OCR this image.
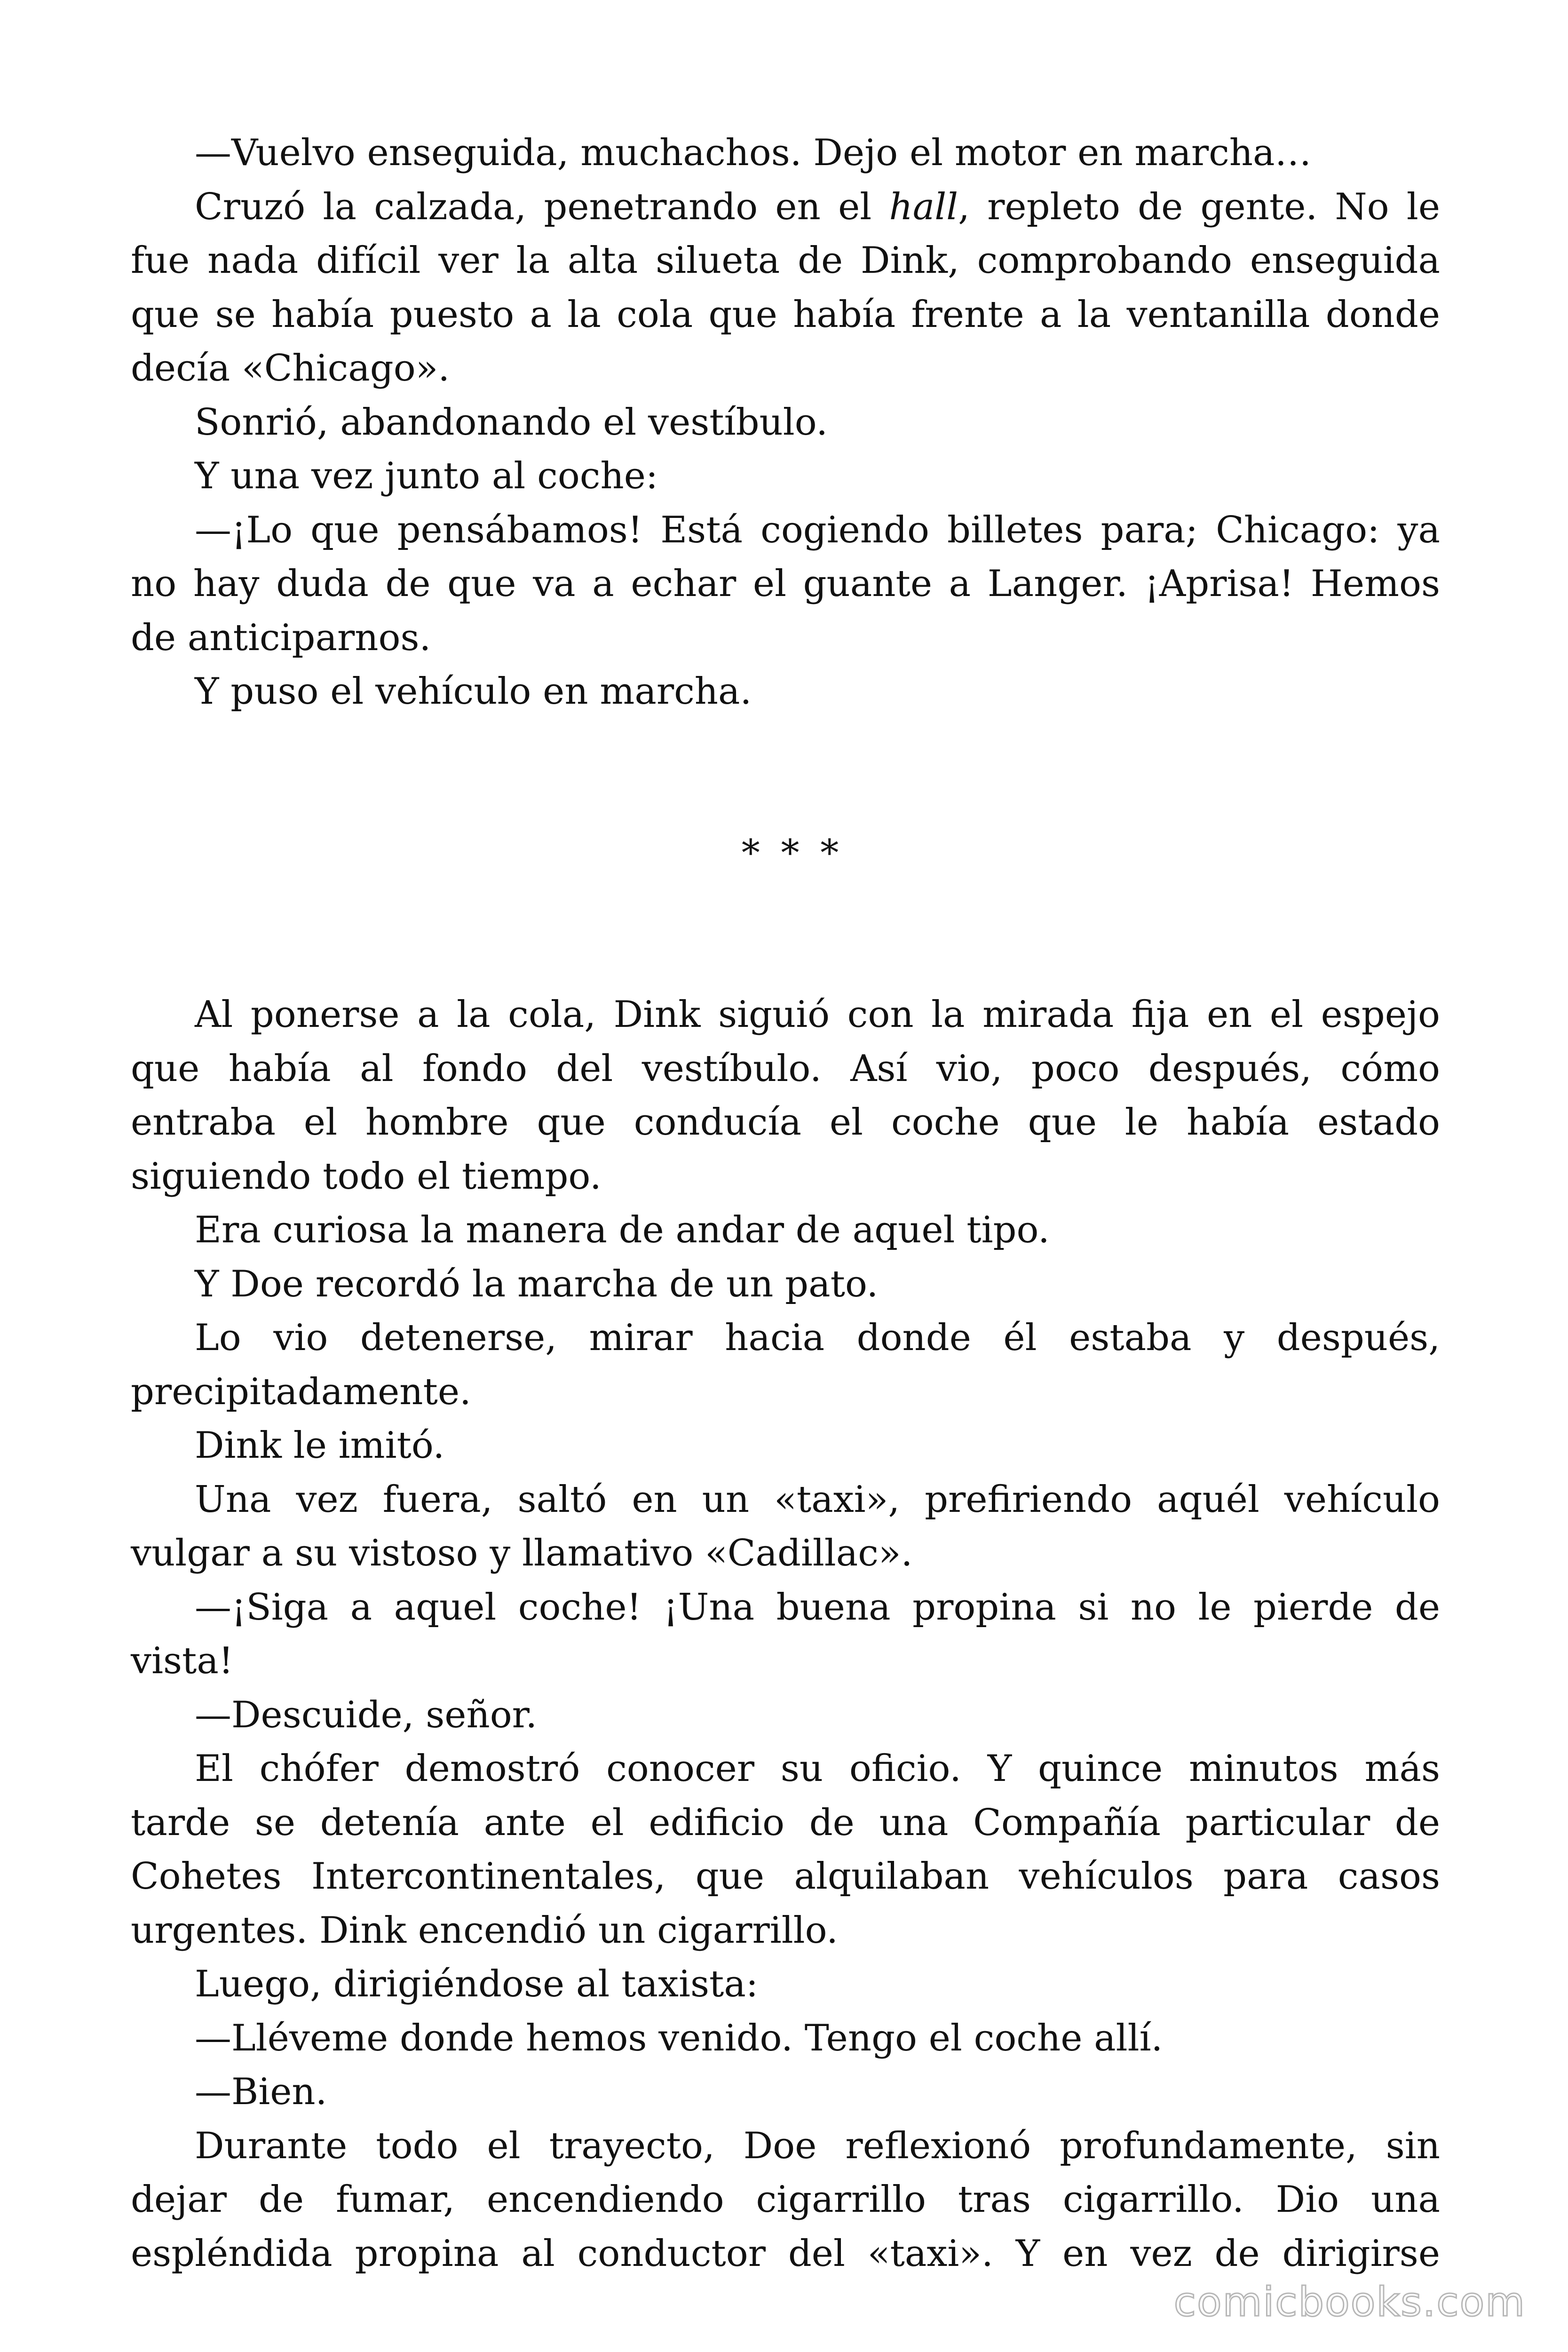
—Vuelvo enseguida, muchachos. Dejo el motor en marcha…
Cruzó la calzada, penetrando en el hall, repleto de gente. No le
fue nada difícil ver la alta silueta de Dink, comprobando enseguida
que se había puesto a la cola que había frente a la ventanilla donde
decía «Chicago».
Sonrió, abandonando el vestíbulo.
Y una vez junto al coche:
—¡Lo que pensábamos! Está cogiendo billetes para; Chicago: ya
no hay duda de que va a echar el guante a Langer. ¡Aprisa! Hemos
de anticiparnos.
Y puso el vehículo en marcha.
* * *
Al ponerse a la cola, Dink siguió con la mirada fija en el espejo
que había al fondo del vestíbulo. Así vio, poco después, cómo
entraba el hombre que conducía el coche que le había estado
siguiendo todo el tiempo.
Era curiosa la manera de andar de aquel tipo.
Y Doe recordó la marcha de un pato.
Lo vio detenerse, mirar hacia donde él estaba y después,
precipitadamente.
Dink le imitó.
Una vez fuera, saltó en un «taxi», prefiriendo aquél vehículo
vulgar a su vistoso y llamativo «Cadillac».
—¡Siga a aquel coche! ¡Una buena propina si no le pierde de
vista!
—Descuide, señor.
El chófer demostró conocer su oficio. Y quince minutos más
tarde se detenía ante el edificio de una Compañía particular de
Cohetes Intercontinentales, que alquilaban vehículos para casos
urgentes. Dink encendió un cigarrillo.
Luego, dirigiéndose al taxista:
—Lléveme donde hemos venido. Tengo el coche allí.
—Bien.
Durante todo el trayecto, Doe reflexionó profundamente, sin
dejar de fumar, encendiendo cigarrillo tras cigarrillo. Dio una
espléndida propina al conductor del «taxi». Y en vez de dirigirse
comicbooks.com
